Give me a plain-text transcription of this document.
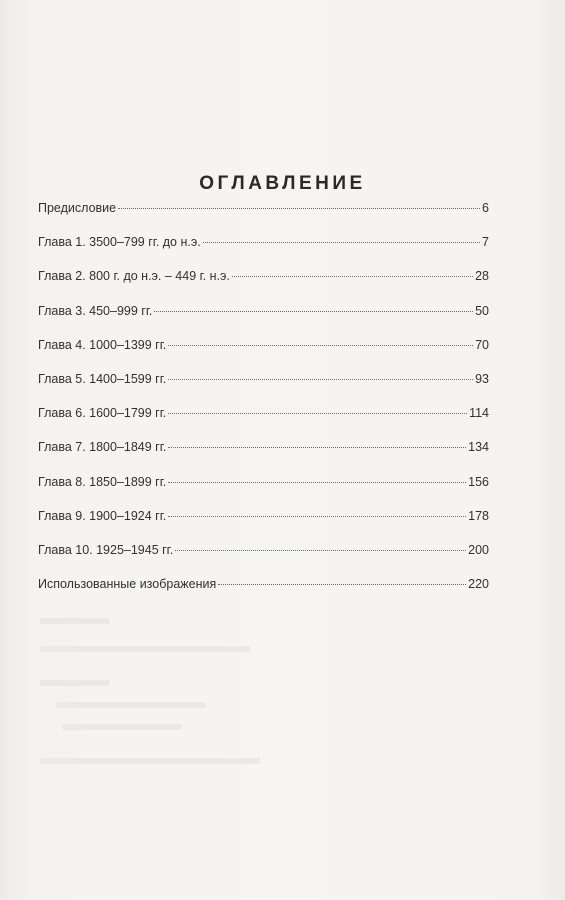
ОГЛАВЛЕНИЕ
Предисловие	6
Глава 1. 3500–799 гг. до н.э.	7
Глава 2. 800 г. до н.э. – 449 г. н.э.	28
Глава 3. 450–999 гг.	50
Глава 4. 1000–1399 гг.	70
Глава 5. 1400–1599 гг.	93
Глава 6. 1600–1799 гг.	114
Глава 7. 1800–1849 гг.	134
Глава 8. 1850–1899 гг.	156
Глава 9. 1900–1924 гг.	178
Глава 10. 1925–1945 гг.	200
Использованные изображения	220
